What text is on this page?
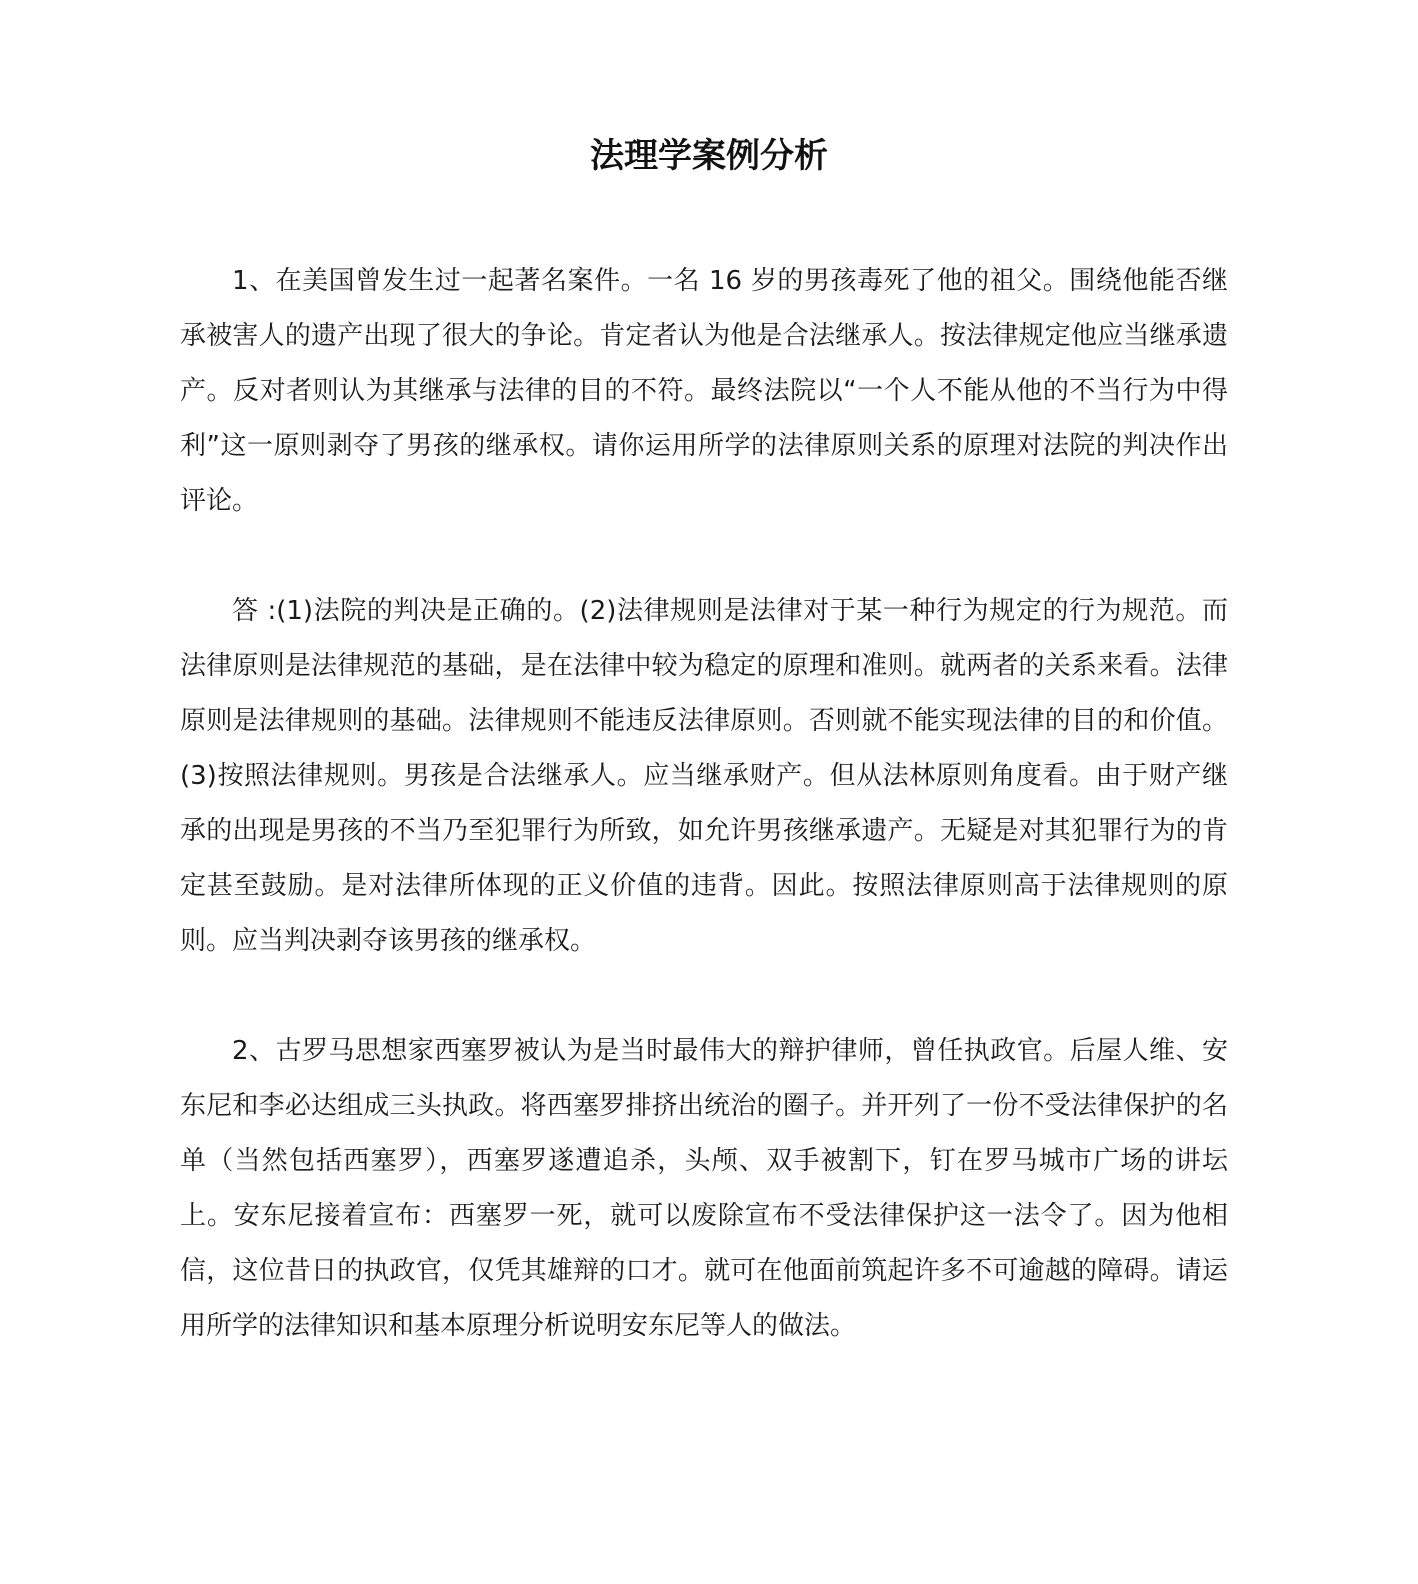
法理学案例分析

1、在美国曾发生过一起著名案件。一名 16 岁的男孩毒死了他的祖父。围绕他能否继承被害人的遗产出现了很大的争论。肯定者认为他是合法继承人。按法律规定他应当继承遗产。反对者则认为其继承与法律的目的不符。最终法院以“一个人不能从他的不当行为中得利”这一原则剥夺了男孩的继承权。请你运用所学的法律原则关系的原理对法院的判决作出评论。

答 :(1)法院的判决是正确的。(2)法律规则是法律对于某一种行为规定的行为规范。而法律原则是法律规范的基础，是在法律中较为稳定的原理和准则。就两者的关系来看。法律原则是法律规则的基础。法律规则不能违反法律原则。否则就不能实现法律的目的和价值。(3)按照法律规则。男孩是合法继承人。应当继承财产。但从法林原则角度看。由于财产继承的出现是男孩的不当乃至犯罪行为所致，如允许男孩继承遗产。无疑是对其犯罪行为的肯定甚至鼓励。是对法律所体现的正义价值的违背。因此。按照法律原则高于法律规则的原则。应当判决剥夺该男孩的继承权。

2、古罗马思想家西塞罗被认为是当时最伟大的辩护律师，曾任执政官。后屋人维、安东尼和李必达组成三头执政。将西塞罗排挤出统治的圈子。并开列了一份不受法律保护的名单（当然包括西塞罗），西塞罗遂遭追杀，头颅、双手被割下，钉在罗马城市广场的讲坛上。安东尼接着宣布：西塞罗一死，就可以废除宣布不受法律保护这一法令了。因为他相信，这位昔日的执政官，仅凭其雄辩的口才。就可在他面前筑起许多不可逾越的障碍。请运用所学的法律知识和基本原理分析说明安东尼等人的做法。
